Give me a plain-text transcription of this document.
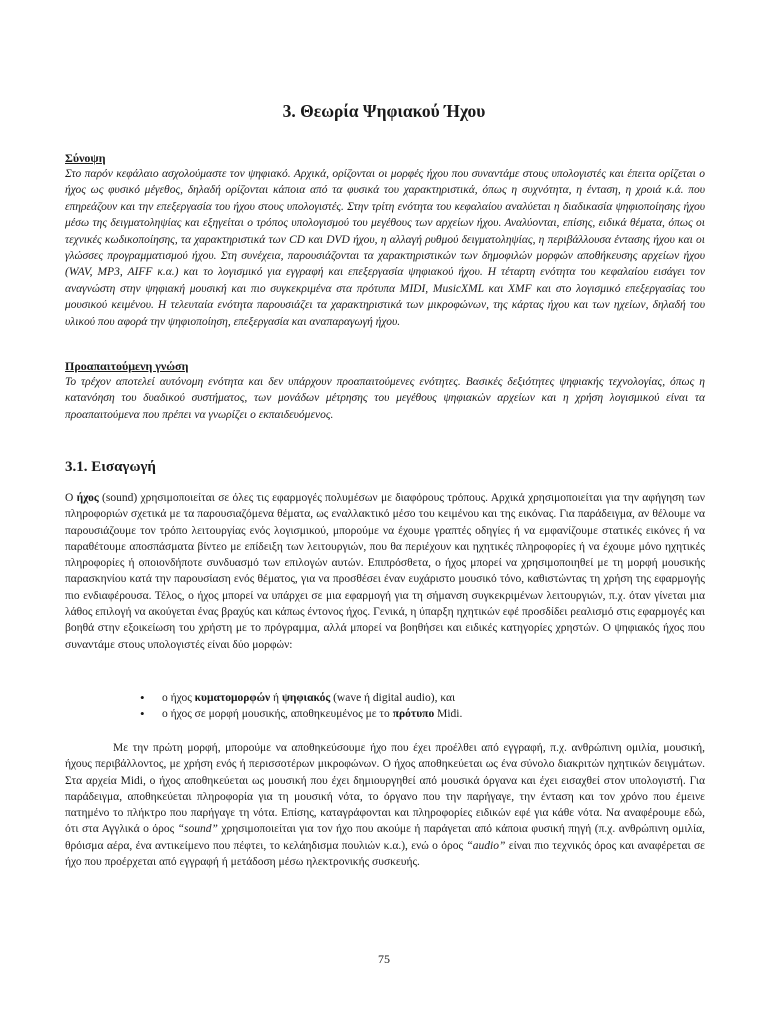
3. Θεωρία Ψηφιακού Ήχου

Σύνοψη

Στο παρόν κεφάλαιο ασχολούμαστε τον ψηφιακό. Αρχικά, ορίζονται οι μορφές ήχου που συναντάμε στους υπολογιστές και έπειτα ορίζεται ο ήχος ως φυσικό μέγεθος, δηλαδή ορίζονται κάποια από τα φυσικά του χαρακτηριστικά, όπως η συχνότητα, η ένταση, η χροιά κ.ά. που επηρεάζουν και την επεξεργασία του ήχου στους υπολογιστές. Στην τρίτη ενότητα του κεφαλαίου αναλύεται η διαδικασία ψηφιοποίησης ήχου μέσω της δειγματοληψίας και εξηγείται ο τρόπος υπολογισμού του μεγέθους των αρχείων ήχου. Αναλύονται, επίσης, ειδικά θέματα, όπως οι τεχνικές κωδικοποίησης, τα χαρακτηριστικά των CD και DVD ήχου, η αλλαγή ρυθμού δειγματοληψίας, η περιβάλλουσα έντασης ήχου και οι γλώσσες προγραμματισμού ήχου. Στη συνέχεια, παρουσιάζονται τα χαρακτηριστικών των δημοφιλών μορφών αποθήκευσης αρχείων ήχου (WAV, MP3, AIFF κ.α.) και το λογισμικό για εγγραφή και επεξεργασία ψηφιακού ήχου. Η τέταρτη ενότητα του κεφαλαίου εισάγει τον αναγνώστη στην ψηφιακή μουσική και πιο συγκεκριμένα στα πρότυπα MIDI, MusicXML και XMF και στο λογισμικό επεξεργασίας του μουσικού κειμένου. Η τελευταία ενότητα παρουσιάζει τα χαρακτηριστικά των μικροφώνων, της κάρτας ήχου και των ηχείων, δηλαδή του υλικού που αφορά την ψηφιοποίηση, επεξεργασία και αναπαραγωγή ήχου.

Προαπαιτούμενη γνώση

Το τρέχον αποτελεί αυτόνομη ενότητα και δεν υπάρχουν προαπαιτούμενες ενότητες. Βασικές δεξιότητες ψηφιακής τεχνολογίας, όπως η κατανόηση του δυαδικού συστήματος, των μονάδων μέτρησης του μεγέθους ψηφιακών αρχείων και η χρήση λογισμικού είναι τα προαπαιτούμενα που πρέπει να γνωρίζει ο εκπαιδευόμενος.

3.1. Εισαγωγή

Ο ήχος (sound) χρησιμοποιείται σε όλες τις εφαρμογές πολυμέσων με διαφόρους τρόπους. Αρχικά χρησιμοποιείται για την αφήγηση των πληροφοριών σχετικά με τα παρουσιαζόμενα θέματα, ως εναλλακτικό μέσο του κειμένου και της εικόνας. Για παράδειγμα, αν θέλουμε να παρουσιάζουμε τον τρόπο λειτουργίας ενός λογισμικού, μπορούμε να έχουμε γραπτές οδηγίες ή να εμφανίζουμε στατικές εικόνες ή να παραθέτουμε αποσπάσματα βίντεο με επίδειξη των λειτουργιών, που θα περιέχουν και ηχητικές πληροφορίες ή να έχουμε μόνο ηχητικές πληροφορίες ή οποιονδήποτε συνδυασμό των επιλογών αυτών. Επιπρόσθετα, ο ήχος μπορεί να χρησιμοποιηθεί με τη μορφή μουσικής παρασκηνίου κατά την παρουσίαση ενός θέματος, για να προσθέσει έναν ευχάριστο μουσικό τόνο, καθιστώντας τη χρήση της εφαρμογής πιο ενδιαφέρουσα. Τέλος, ο ήχος μπορεί να υπάρχει σε μια εφαρμογή για τη σήμανση συγκεκριμένων λειτουργιών, π.χ. όταν γίνεται μια λάθος επιλογή να ακούγεται ένας βραχύς και κάπως έντονος ήχος. Γενικά, η ύπαρξη ηχητικών εφέ προσδίδει ρεαλισμό στις εφαρμογές και βοηθά στην εξοικείωση του χρήστη με το πρόγραμμα, αλλά μπορεί να βοηθήσει και ειδικές κατηγορίες χρηστών. Ο ψηφιακός ήχος που συναντάμε στους υπολογιστές είναι δύο μορφών:

• ο ήχος κυματομορφών ή ψηφιακός (wave ή digital audio), και
• ο ήχος σε μορφή μουσικής, αποθηκευμένος με το πρότυπο Midi.

Με την πρώτη μορφή, μπορούμε να αποθηκεύσουμε ήχο που έχει προέλθει από εγγραφή, π.χ. ανθρώπινη ομιλία, μουσική, ήχους περιβάλλοντος, με χρήση ενός ή περισσοτέρων μικροφώνων. Ο ήχος αποθηκεύεται ως ένα σύνολο διακριτών ηχητικών δειγμάτων. Στα αρχεία Midi, ο ήχος αποθηκεύεται ως μουσική που έχει δημιουργηθεί από μουσικά όργανα και έχει εισαχθεί στον υπολογιστή. Για παράδειγμα, αποθηκεύεται πληροφορία για τη μουσική νότα, το όργανο που την παρήγαγε, την ένταση και τον χρόνο που έμεινε πατημένο το πλήκτρο που παρήγαγε τη νότα. Επίσης, καταγράφονται και πληροφορίες ειδικών εφέ για κάθε νότα. Να αναφέρουμε εδώ, ότι στα Αγγλικά ο όρος “sound” χρησιμοποιείται για τον ήχο που ακούμε ή παράγεται από κάποια φυσική πηγή (π.χ. ανθρώπινη ομιλία, θρόισμα αέρα, ένα αντικείμενο που πέφτει, το κελάηδισμα πουλιών κ.α.), ενώ ο όρος “audio” είναι πιο τεχνικός όρος και αναφέρεται σε ήχο που προέρχεται από εγγραφή ή μετάδοση μέσω ηλεκτρονικής συσκευής.

75
